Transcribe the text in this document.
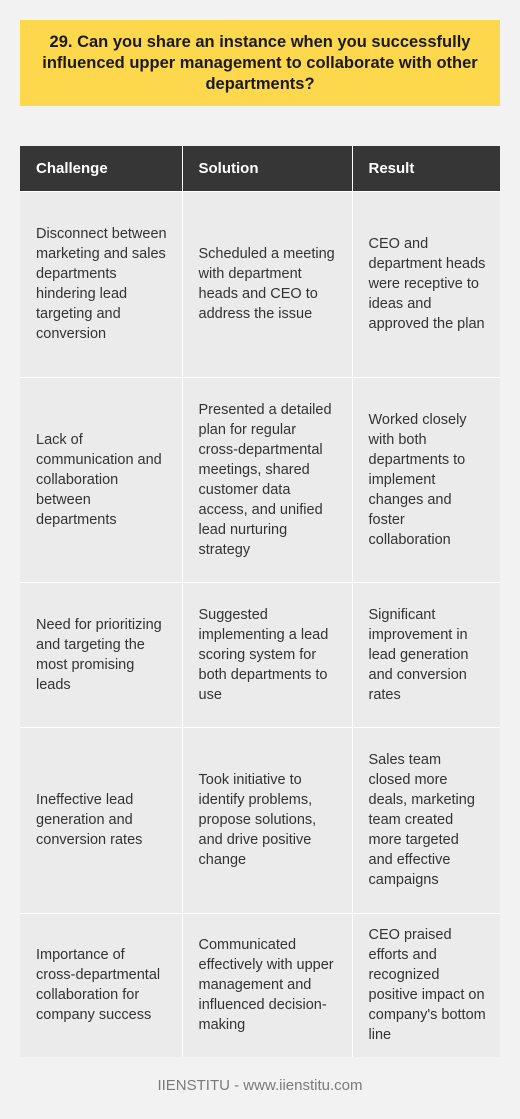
29. Can you share an instance when you successfully influenced upper management to collaborate with other departments?
Challenge	Solution	Result
Disconnect between marketing and sales departments hindering lead targeting and conversion	Scheduled a meeting with department heads and CEO to address the issue	CEO and department heads were receptive to ideas and approved the plan
Lack of communication and collaboration between departments	Presented a detailed plan for regular cross-departmental meetings, shared customer data access, and unified lead nurturing strategy	Worked closely with both departments to implement changes and foster collaboration
Need for prioritizing and targeting the most promising leads	Suggested implementing a lead scoring system for both departments to use	Significant improvement in lead generation and conversion rates
Ineffective lead generation and conversion rates	Took initiative to identify problems, propose solutions, and drive positive change	Sales team closed more deals, marketing team created more targeted and effective campaigns
Importance of cross-departmental collaboration for company success	Communicated effectively with upper management and influenced decision-making	CEO praised efforts and recognized positive impact on company's bottom line
IIENSTITU - www.iienstitu.com
